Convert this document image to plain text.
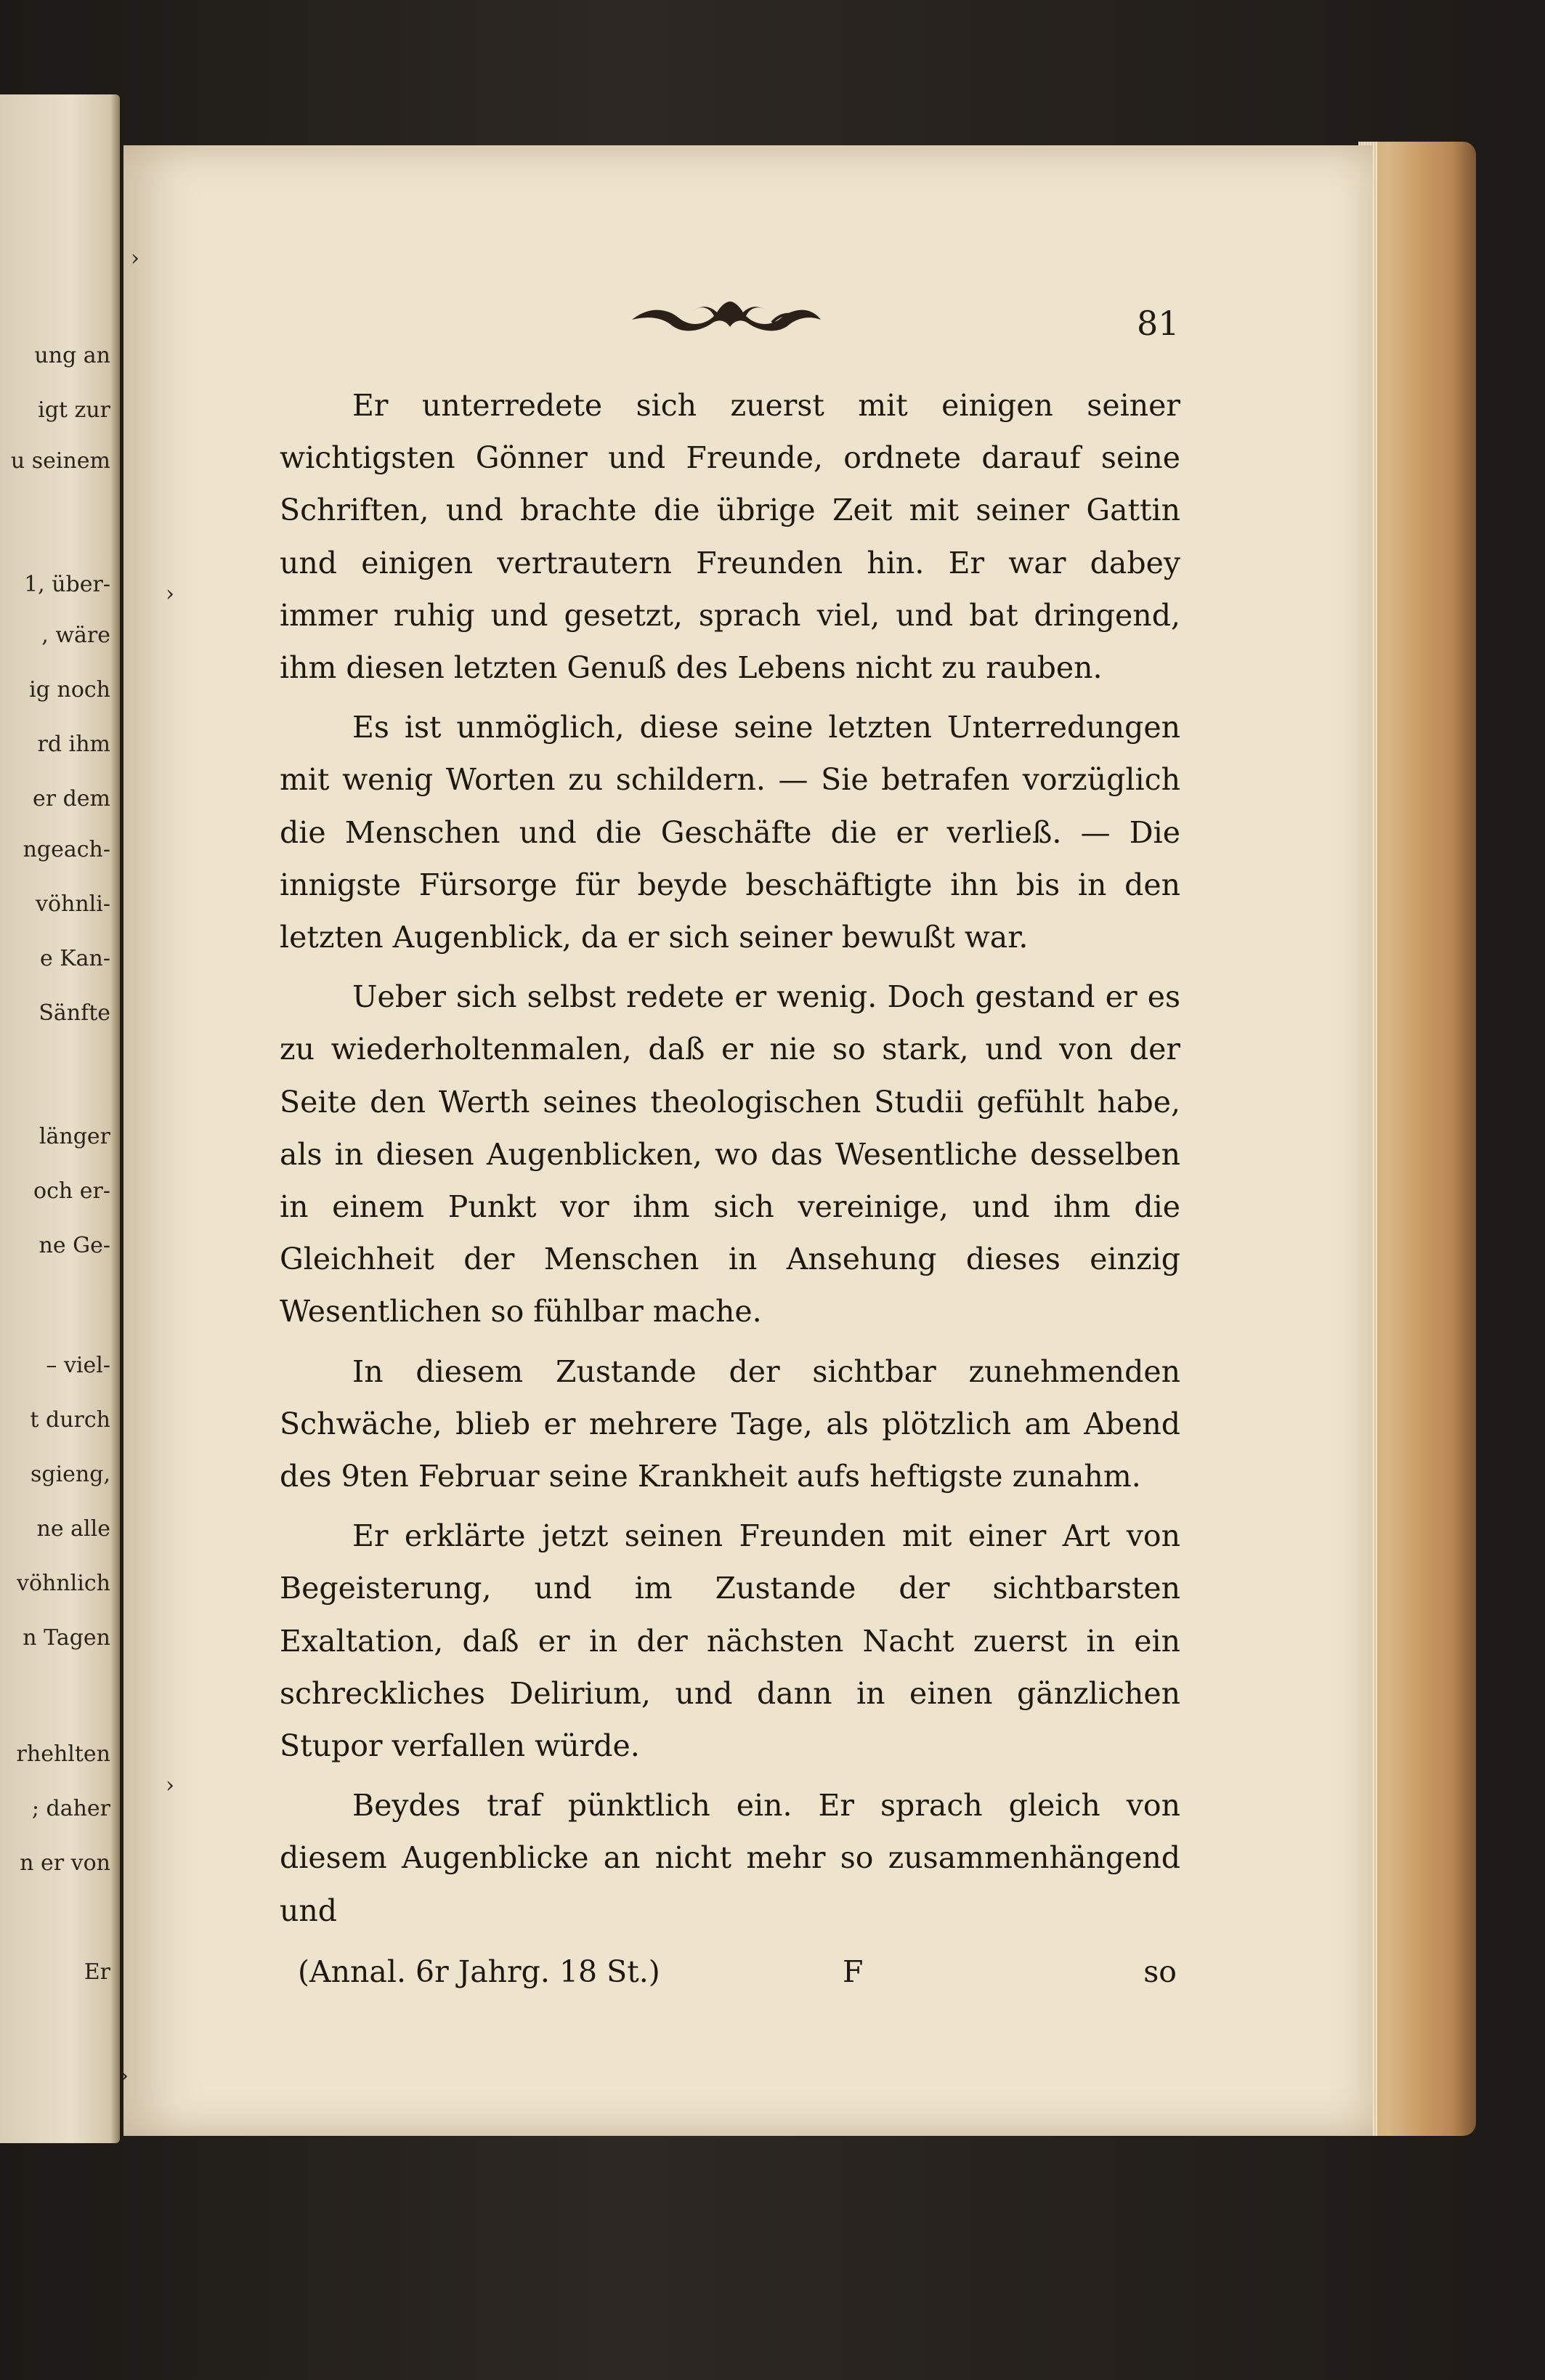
ung an
igt zur
u seinem
1, über-
, wäre
ig noch
rd ihm
er dem
ngeach-
vöhnli-
e Kan-
Sänfte
länger
och er-
ne Ge-
– viel-
t durch
sgieng,
ne alle
vöhnlich
n Tagen
rhehlten
; daher
n er von
Er
81

Er unterredete sich zuerst mit einigen seiner wichtigsten Gönner und Freunde, ordnete darauf seine Schriften, und brachte die übrige Zeit mit seiner Gattin und einigen vertrautern Freunden hin. Er war dabey immer ruhig und gesetzt, sprach viel, und bat dringend, ihm diesen letzten Genuß des Lebens nicht zu rauben.

Es ist unmöglich, diese seine letzten Unterredungen mit wenig Worten zu schildern. — Sie betrafen vorzüglich die Menschen und die Geschäfte die er verließ. — Die innigste Fürsorge für beyde beschäftigte ihn bis in den letzten Augenblick, da er sich seiner bewußt war.

Ueber sich selbst redete er wenig. Doch gestand er es zu wiederholtenmalen, daß er nie so stark, und von der Seite den Werth seines theologischen Studii gefühlt habe, als in diesen Augenblicken, wo das Wesentliche desselben in einem Punkt vor ihm sich vereinige, und ihm die Gleichheit der Menschen in Ansehung dieses einzig Wesentlichen so fühlbar mache.

In diesem Zustande der sichtbar zunehmenden Schwäche, blieb er mehrere Tage, als plötzlich am Abend des 9ten Februar seine Krankheit aufs heftigste zunahm.

Er erklärte jetzt seinen Freunden mit einer Art von Begeisterung, und im Zustande der sichtbarsten Exaltation, daß er in der nächsten Nacht zuerst in ein schreckliches Delirium, und dann in einen gänzlichen Stupor verfallen würde.

Beydes traf pünktlich ein. Er sprach gleich von diesem Augenblicke an nicht mehr so zusammenhängend und

(Annal. 6r Jahrg. 18 St.)	F	so
›
›
›
›
